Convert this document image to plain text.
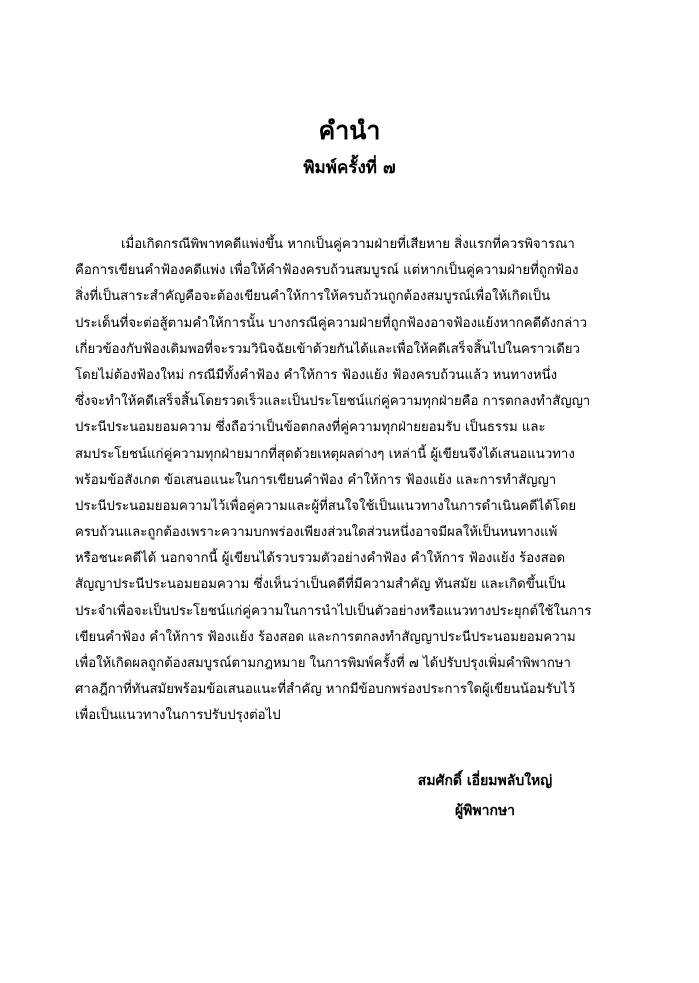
คำนำ
พิมพ์ครั้งที่ ๗
เมื่อเกิดกรณีพิพาทคดีแพ่งขึ้น หากเป็นคู่ความฝ่ายที่เสียหาย สิ่งแรกที่ควรพิจารณา
คือการเขียนคำฟ้องคดีแพ่ง เพื่อให้คำฟ้องครบถ้วนสมบูรณ์ แต่หากเป็นคู่ความฝ่ายที่ถูกฟ้อง
สิ่งที่เป็นสาระสำคัญคือจะต้องเขียนคำให้การให้ครบถ้วนถูกต้องสมบูรณ์เพื่อให้เกิดเป็น
ประเด็นที่จะต่อสู้ตามคำให้การนั้น บางกรณีคู่ความฝ่ายที่ถูกฟ้องอาจฟ้องแย้งหากคดีดังกล่าว
เกี่ยวข้องกับฟ้องเดิมพอที่จะรวมวินิจฉัยเข้าด้วยกันได้และเพื่อให้คดีเสร็จสิ้นไปในคราวเดียว
โดยไม่ต้องฟ้องใหม่ กรณีมีทั้งคำฟ้อง คำให้การ ฟ้องแย้ง ฟ้องครบถ้วนแล้ว หนทางหนึ่ง
ซึ่งจะทำให้คดีเสร็จสิ้นโดยรวดเร็วและเป็นประโยชน์แก่คู่ความทุกฝ่ายคือ การตกลงทำสัญญา
ประนีประนอมยอมความ ซึ่งถือว่าเป็นข้อตกลงที่คู่ความทุกฝ่ายยอมรับ เป็นธรรม และ
สมประโยชน์แก่คู่ความทุกฝ่ายมากที่สุดด้วยเหตุผลต่างๆ เหล่านี้ ผู้เขียนจึงได้เสนอแนวทาง
พร้อมข้อสังเกต ข้อเสนอแนะในการเขียนคำฟ้อง คำให้การ ฟ้องแย้ง และการทำสัญญา
ประนีประนอมยอมความไว้เพื่อคู่ความและผู้ที่สนใจใช้เป็นแนวทางในการดำเนินคดีได้โดย
ครบถ้วนและถูกต้องเพราะความบกพร่องเพียงส่วนใดส่วนหนึ่งอาจมีผลให้เป็นหนทางแพ้
หรือชนะคดีได้ นอกจากนี้ ผู้เขียนได้รวบรวมตัวอย่างคำฟ้อง คำให้การ ฟ้องแย้ง ร้องสอด
สัญญาประนีประนอมยอมความ ซึ่งเห็นว่าเป็นคดีที่มีความสำคัญ ทันสมัย และเกิดขึ้นเป็น
ประจำเพื่อจะเป็นประโยชน์แก่คู่ความในการนำไปเป็นตัวอย่างหรือแนวทางประยุกต์ใช้ในการ
เขียนคำฟ้อง คำให้การ ฟ้องแย้ง ร้องสอด และการตกลงทำสัญญาประนีประนอมยอมความ
เพื่อให้เกิดผลถูกต้องสมบูรณ์ตามกฎหมาย ในการพิมพ์ครั้งที่ ๗ ได้ปรับปรุงเพิ่มคำพิพากษา
ศาลฎีกาที่ทันสมัยพร้อมข้อเสนอแนะที่สำคัญ หากมีข้อบกพร่องประการใดผู้เขียนน้อมรับไว้
เพื่อเป็นแนวทางในการปรับปรุงต่อไป
สมศักดิ์ เอี่ยมพลับใหญ่
ผู้พิพากษา
